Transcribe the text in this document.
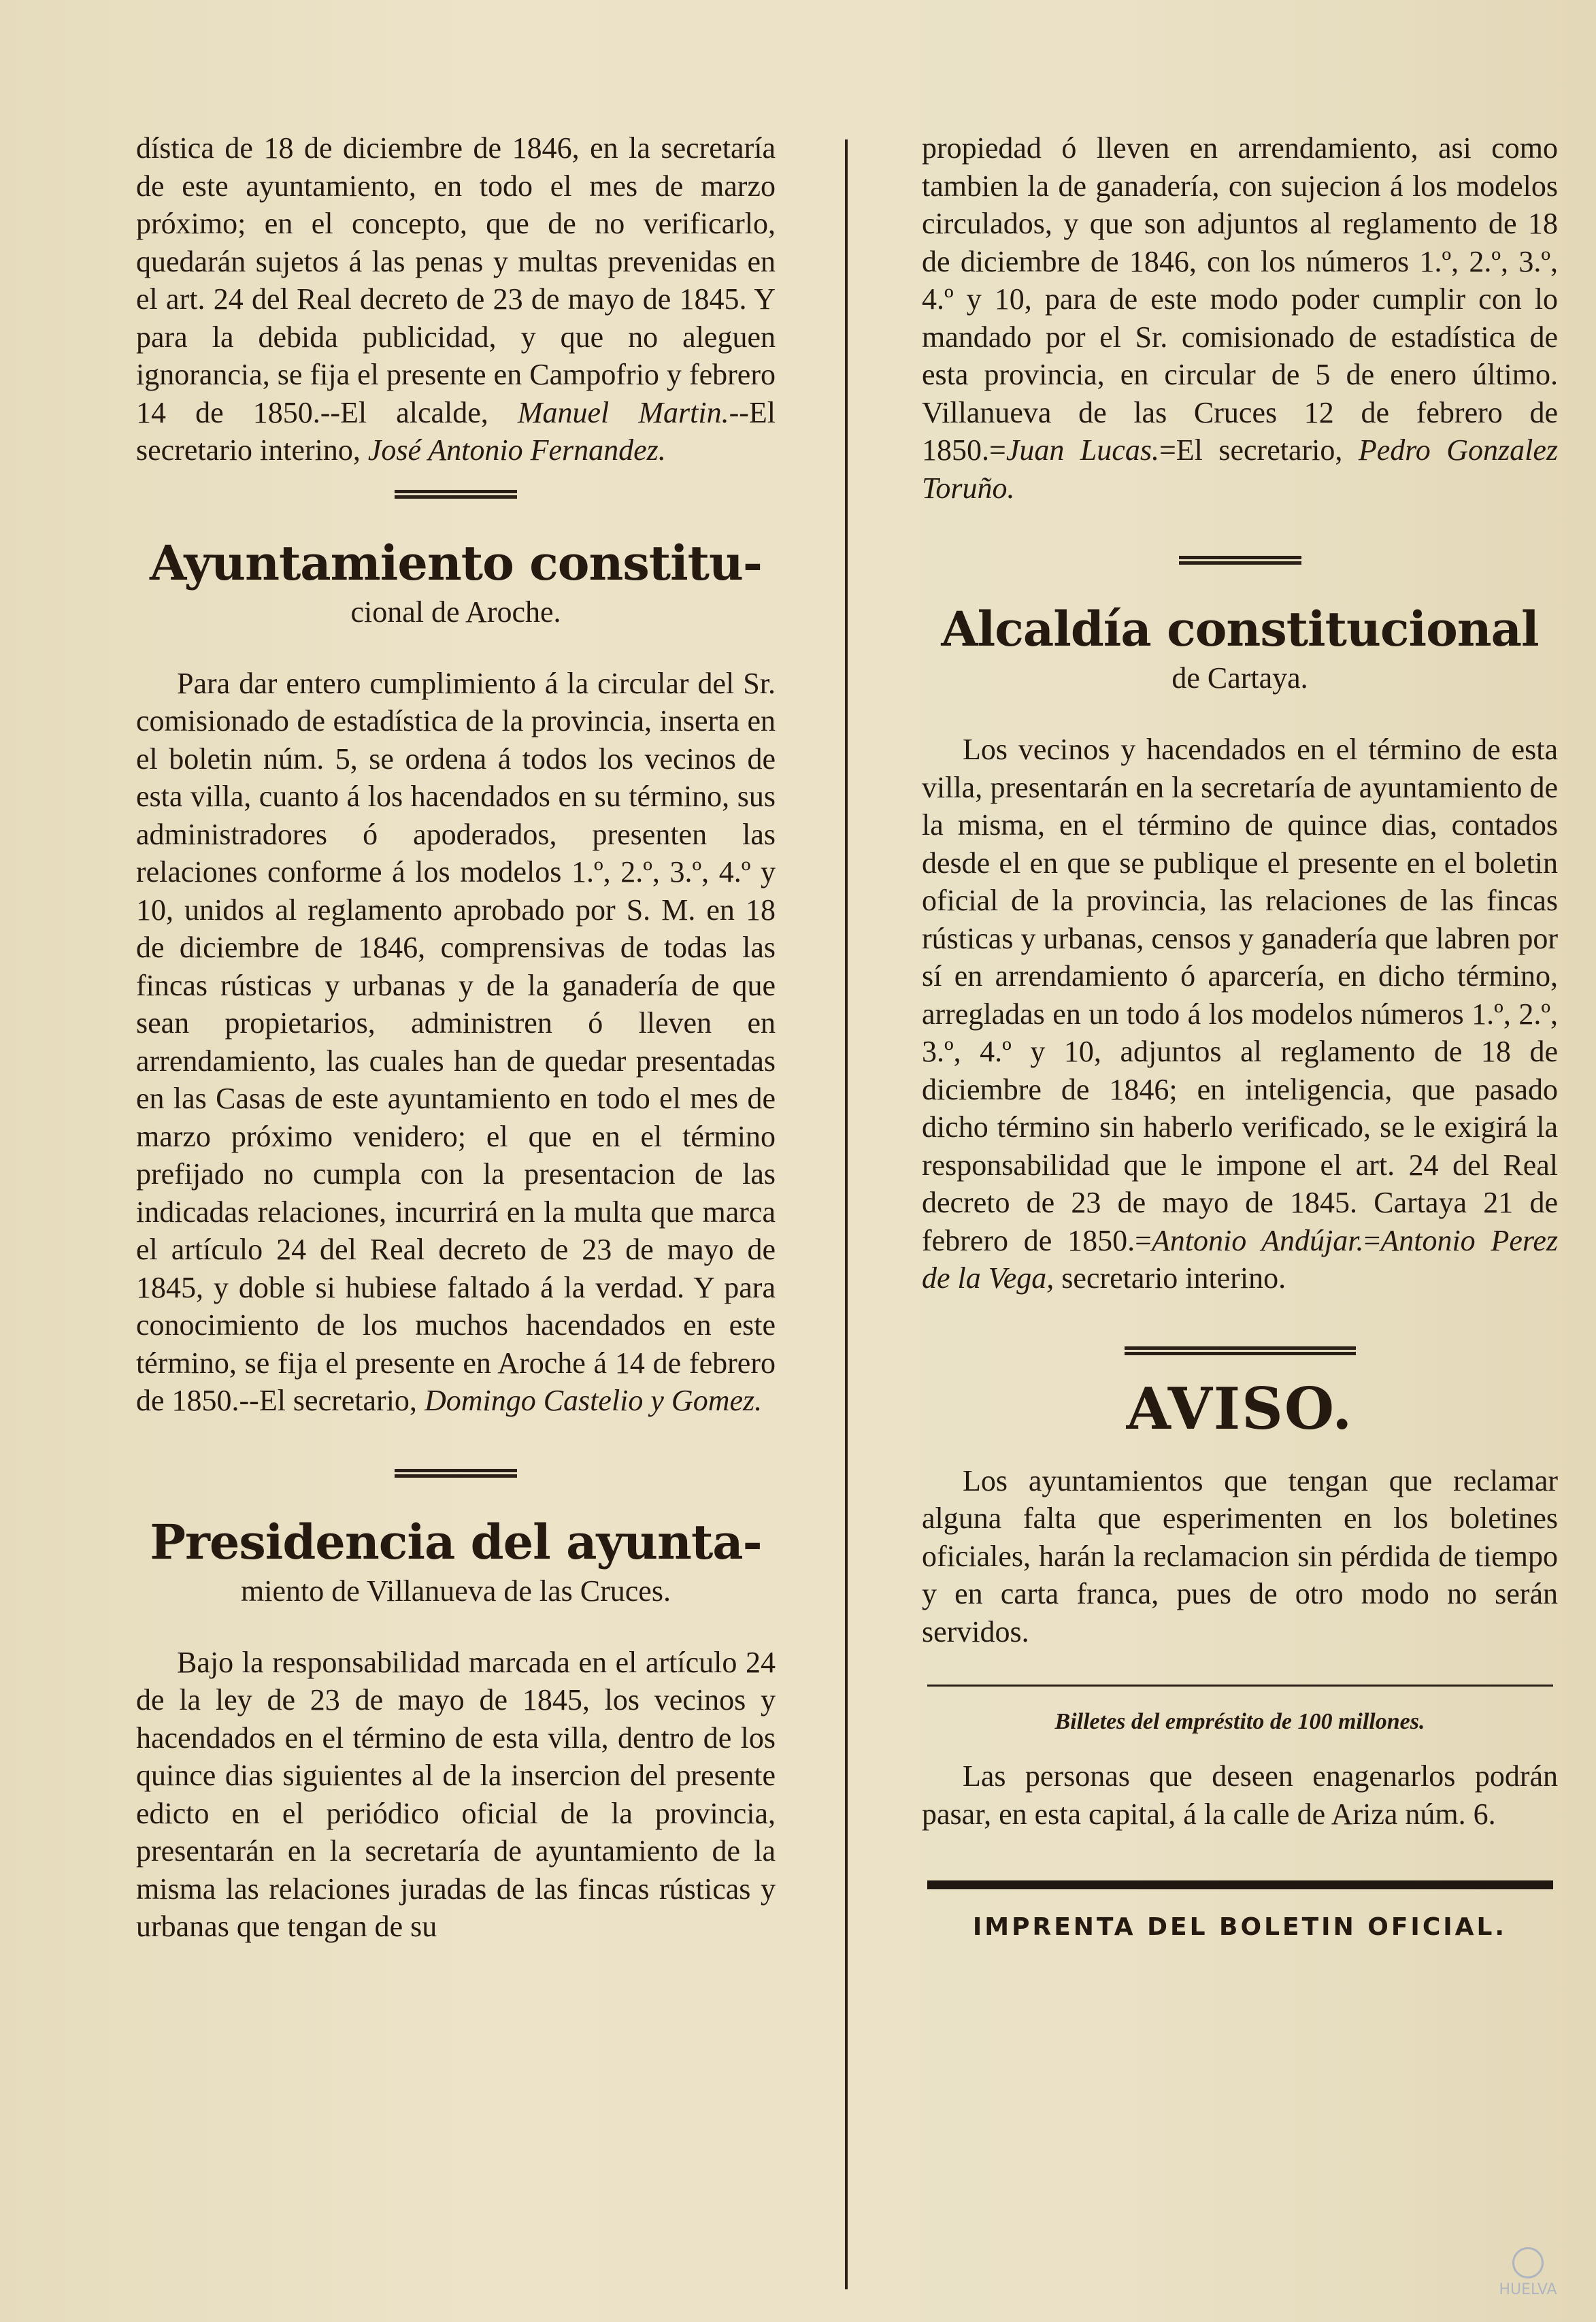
dística de 18 de diciembre de 1846, en la secretaría de este ayuntamiento, en todo el mes de marzo próximo; en el concepto, que de no verificarlo, quedarán sujetos á las penas y multas prevenidas en el art. 24 del Real decreto de 23 de mayo de 1845. Y para la debida publicidad, y que no aleguen ignorancia, se fija el presente en Campofrio y febrero 14 de 1850.--El alcalde, Manuel Martin.--El secretario interino, José Antonio Fernandez.

Ayuntamiento constitu-
cional de Aroche.

Para dar entero cumplimiento á la circular del Sr. comisionado de estadística de la provincia, inserta en el boletin núm. 5, se ordena á todos los vecinos de esta villa, cuanto á los hacendados en su término, sus administradores ó apoderados, presenten las relaciones conforme á los modelos 1.º, 2.º, 3.º, 4.º y 10, unidos al reglamento aprobado por S. M. en 18 de diciembre de 1846, comprensivas de todas las fincas rústicas y urbanas y de la ganadería de que sean propietarios, administren ó lleven en arrendamiento, las cuales han de quedar presentadas en las Casas de este ayuntamiento en todo el mes de marzo próximo venidero; el que en el término prefijado no cumpla con la presentacion de las indicadas relaciones, incurrirá en la multa que marca el artículo 24 del Real decreto de 23 de mayo de 1845, y doble si hubiese faltado á la verdad. Y para conocimiento de los muchos hacendados en este término, se fija el presente en Aroche á 14 de febrero de 1850.--El secretario, Domingo Castelio y Gomez.

Presidencia del ayunta-
miento de Villanueva de las Cruces.

Bajo la responsabilidad marcada en el artículo 24 de la ley de 23 de mayo de 1845, los vecinos y hacendados en el término de esta villa, dentro de los quince dias siguientes al de la insercion del presente edicto en el periódico oficial de la provincia, presentarán en la secretaría de ayuntamiento de la misma las relaciones juradas de las fincas rústicas y urbanas que tengan de su

propiedad ó lleven en arrendamiento, asi como tambien la de ganadería, con sujecion á los modelos circulados, y que son adjuntos al reglamento de 18 de diciembre de 1846, con los números 1.º, 2.º, 3.º, 4.º y 10, para de este modo poder cumplir con lo mandado por el Sr. comisionado de estadística de esta provincia, en circular de 5 de enero último. Villanueva de las Cruces 12 de febrero de 1850.=Juan Lucas.=El secretario, Pedro Gonzalez Toruño.

Alcaldía constitucional
de Cartaya.

Los vecinos y hacendados en el término de esta villa, presentarán en la secretaría de ayuntamiento de la misma, en el término de quince dias, contados desde el en que se publique el presente en el boletin oficial de la provincia, las relaciones de las fincas rústicas y urbanas, censos y ganadería que labren por sí en arrendamiento ó aparcería, en dicho término, arregladas en un todo á los modelos números 1.º, 2.º, 3.º, 4.º y 10, adjuntos al reglamento de 18 de diciembre de 1846; en inteligencia, que pasado dicho término sin haberlo verificado, se le exigirá la responsabilidad que le impone el art. 24 del Real decreto de 23 de mayo de 1845. Cartaya 21 de febrero de 1850.=Antonio Andújar.=Antonio Perez de la Vega, secretario interino.

AVISO.

Los ayuntamientos que tengan que reclamar alguna falta que esperimenten en los boletines oficiales, harán la reclamacion sin pérdida de tiempo y en carta franca, pues de otro modo no serán servidos.

Billetes del empréstito de 100 millones.

Las personas que deseen enagenarlos podrán pasar, en esta capital, á la calle de Ariza núm. 6.

IMPRENTA DEL BOLETIN OFICIAL.
HUELVA
